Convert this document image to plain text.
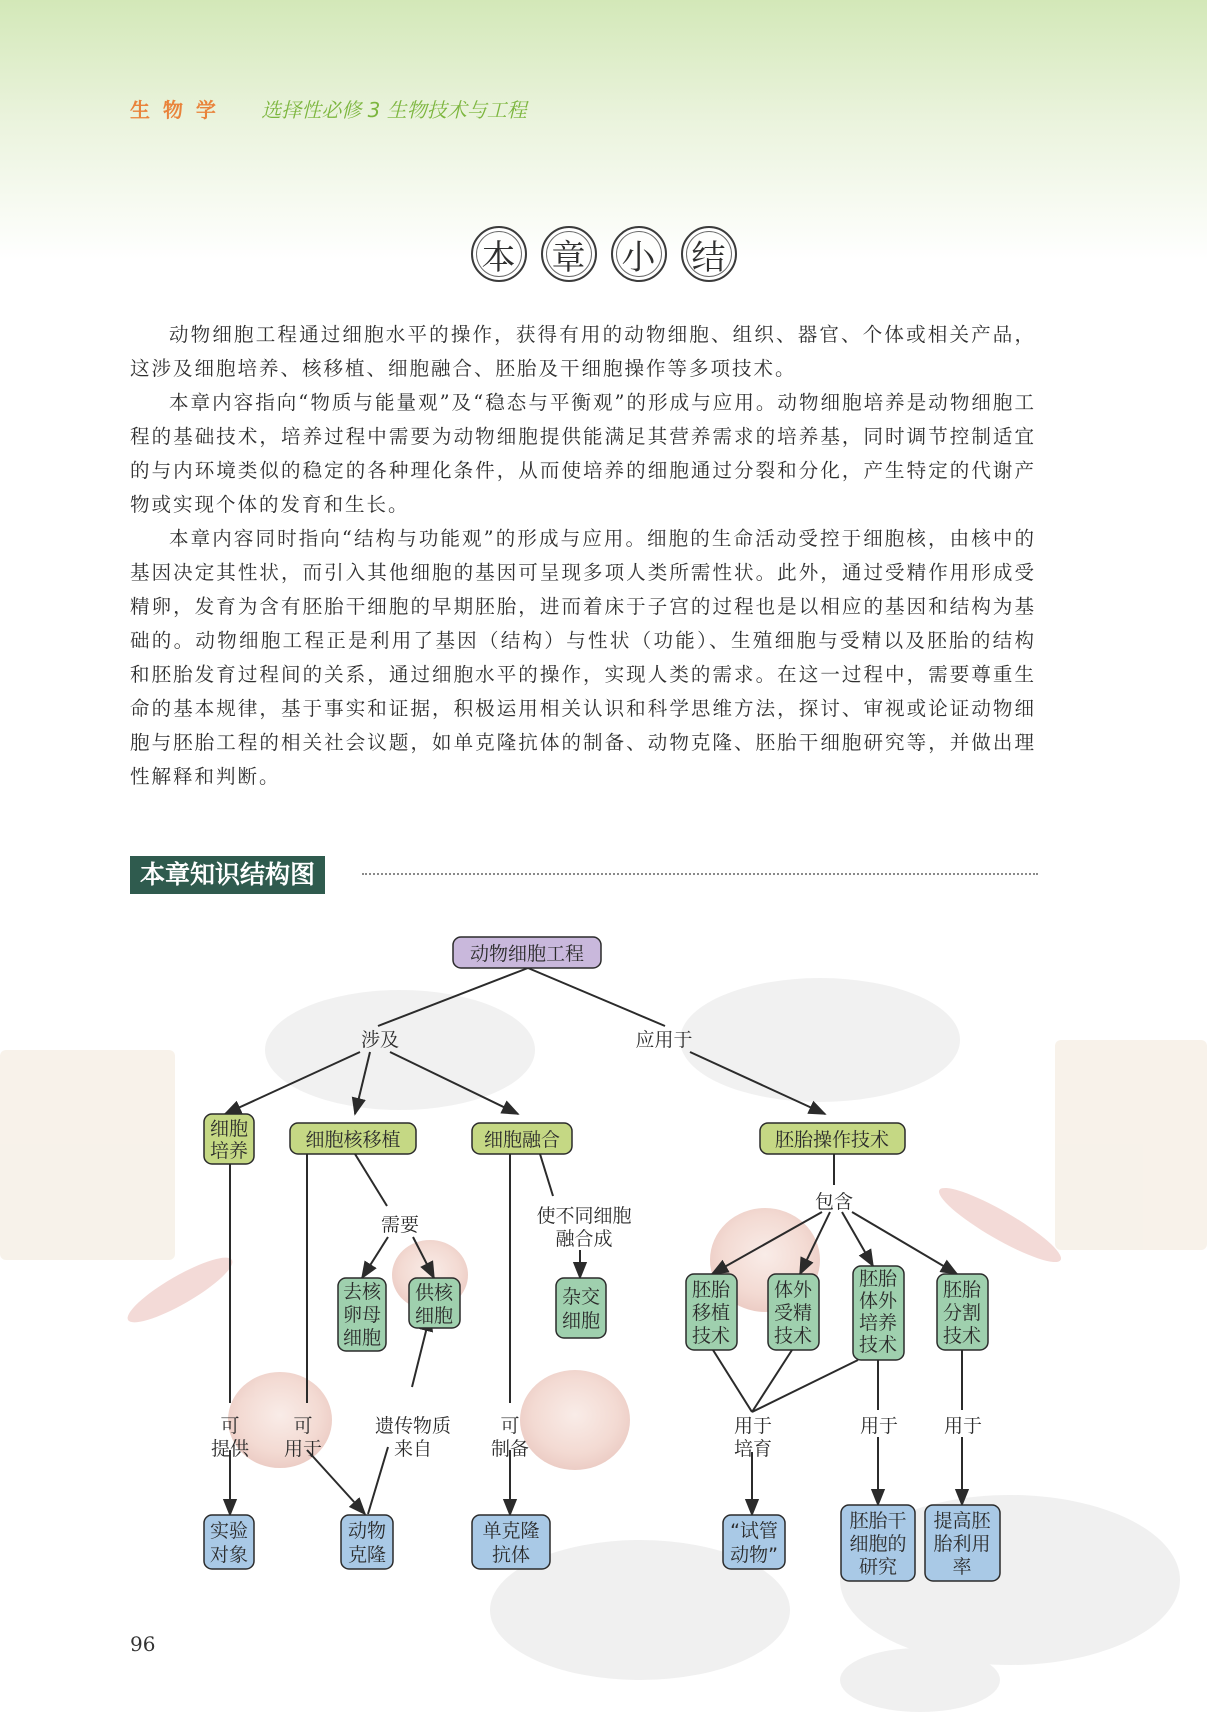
生 物 学 选择性必修 3 生物技术与工程
本	章	小	结

动物细胞工程通过细胞水平的操作，获得有用的动物细胞、组织、器官、个体或相关产品，这涉及细胞培养、核移植、细胞融合、胚胎及干细胞操作等多项技术。

本章内容指向“物质与能量观”及“稳态与平衡观”的形成与应用。动物细胞培养是动物细胞工程的基础技术，培养过程中需要为动物细胞提供能满足其营养需求的培养基，同时调节控制适宜的与内环境类似的稳定的各种理化条件，从而使培养的细胞通过分裂和分化，产生特定的代谢产物或实现个体的发育和生长。

本章内容同时指向“结构与功能观”的形成与应用。细胞的生命活动受控于细胞核，由核中的基因决定其性状，而引入其他细胞的基因可呈现多项人类所需性状。此外，通过受精作用形成受精卵，发育为含有胚胎干细胞的早期胚胎，进而着床于子宫的过程也是以相应的基因和结构为基础的。动物细胞工程正是利用了基因（结构）与性状（功能）、生殖细胞与受精以及胚胎的结构和胚胎发育过程间的关系，通过细胞水平的操作，实现人类的需求。在这一过程中，需要尊重生命的基本规律，基于事实和证据，积极运用相关认识和科学思维方法，探讨、审视或论证动物细胞与胚胎工程的相关社会议题，如单克隆抗体的制备、动物克隆、胚胎干细胞研究等，并做出理性解释和判断。

本章知识结构图
动物细胞工程
涉及	应用于
细胞
培养	细胞核移植	细胞融合	胚胎操作技术
需要	使不同细胞
融合成
包含
去核
卵母
细胞
供核
细胞
杂交
细胞
胚胎
移植
技术
体外
受精
技术
胚胎
体外
培养
技术
胚胎
分割
技术
可
提供
可
用于
遗传物质
来自
可
制备
用于
培育
用于 用于
实验
对象
动物
克隆
单克隆
抗体
“试管
动物”
胚胎干
细胞的
研究
提高胚
胎利用
率
96
